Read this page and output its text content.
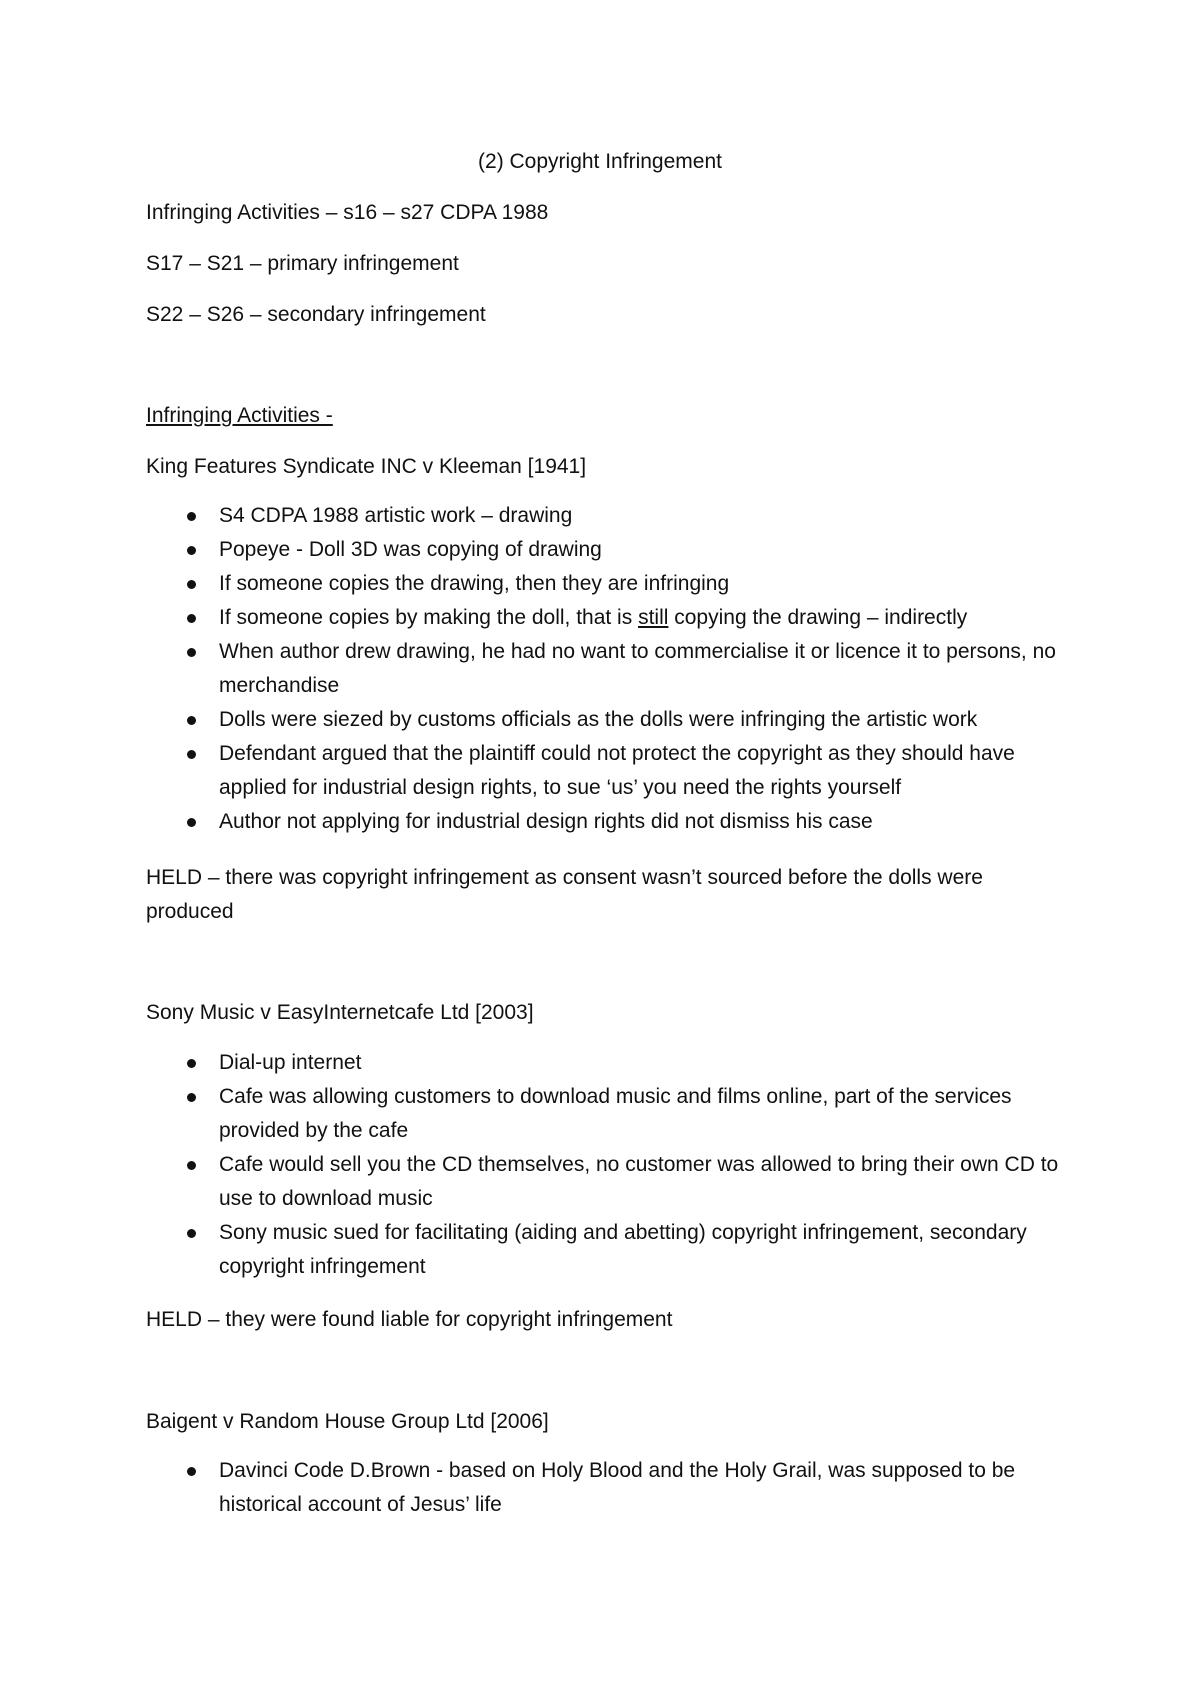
(2) Copyright Infringement
Infringing Activities – s16 – s27 CDPA 1988
S17 – S21 – primary infringement
S22 – S26 – secondary infringement
Infringing Activities -
King Features Syndicate INC v Kleeman [1941]
S4 CDPA 1988 artistic work – drawing
Popeye - Doll 3D was copying of drawing
If someone copies the drawing, then they are infringing
If someone copies by making the doll, that is still copying the drawing – indirectly
When author drew drawing, he had no want to commercialise it or licence it to persons, no merchandise
Dolls were siezed by customs officials as the dolls were infringing the artistic work
Defendant argued that the plaintiff could not protect the copyright as they should have applied for industrial design rights, to sue ‘us’ you need the rights yourself
Author not applying for industrial design rights did not dismiss his case
HELD – there was copyright infringement as consent wasn’t sourced before the dolls were produced
Sony Music v EasyInternetcafe Ltd [2003]
Dial-up internet
Cafe was allowing customers to download music and films online, part of the services provided by the cafe
Cafe would sell you the CD themselves, no customer was allowed to bring their own CD to use to download music
Sony music sued for facilitating (aiding and abetting) copyright infringement, secondary copyright infringement
HELD – they were found liable for copyright infringement
Baigent v Random House Group Ltd [2006]
Davinci Code D.Brown - based on Holy Blood and the Holy Grail, was supposed to be historical account of Jesus’ life
